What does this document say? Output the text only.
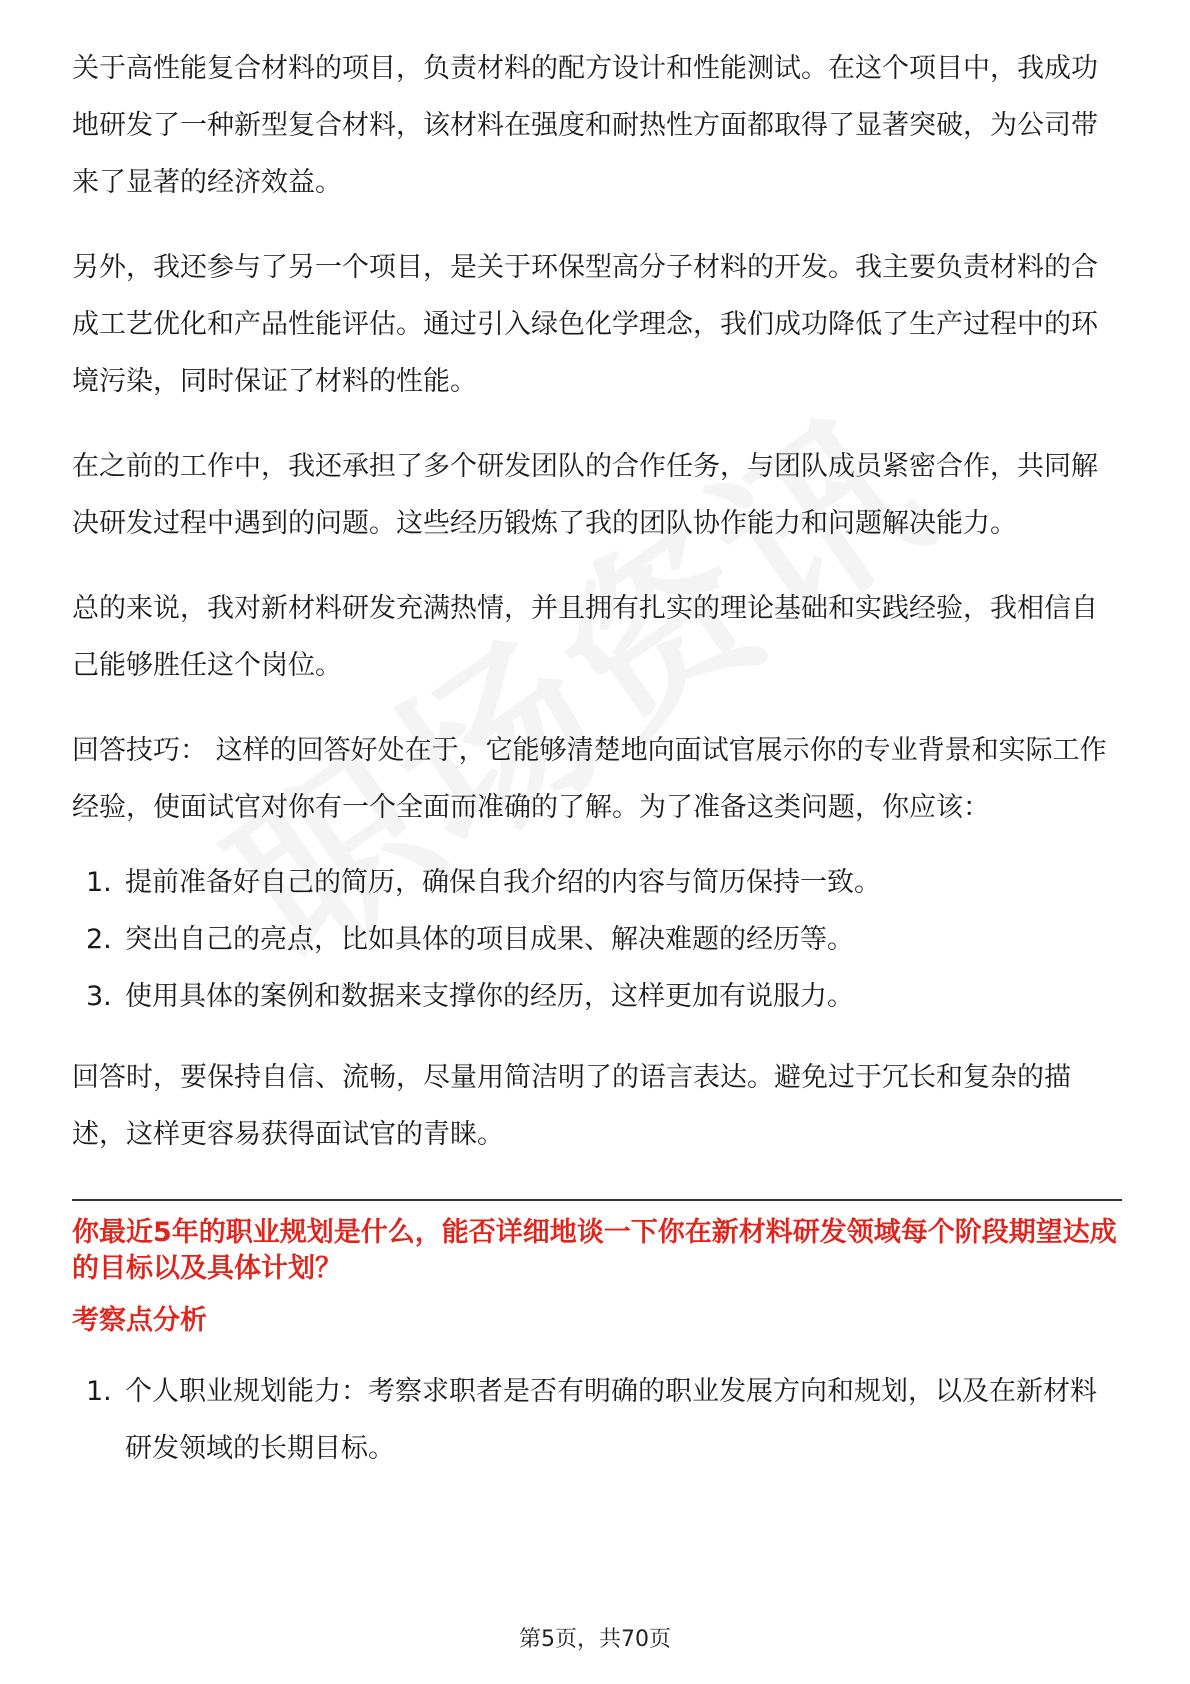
关于高性能复合材料的项目，负责材料的配方设计和性能测试。在这个项目中，我成功地研发了一种新型复合材料，该材料在强度和耐热性方面都取得了显著突破，为公司带来了显著的经济效益。

另外，我还参与了另一个项目，是关于环保型高分子材料的开发。我主要负责材料的合成工艺优化和产品性能评估。通过引入绿色化学理念，我们成功降低了生产过程中的环境污染，同时保证了材料的性能。

在之前的工作中，我还承担了多个研发团队的合作任务，与团队成员紧密合作，共同解决研发过程中遇到的问题。这些经历锻炼了我的团队协作能力和问题解决能力。

总的来说，我对新材料研发充满热情，并且拥有扎实的理论基础和实践经验，我相信自己能够胜任这个岗位。

回答技巧： 这样的回答好处在于，它能够清楚地向面试官展示你的专业背景和实际工作经验，使面试官对你有一个全面而准确的了解。为了准备这类问题，你应该：

1. 提前准备好自己的简历，确保自我介绍的内容与简历保持一致。
2. 突出自己的亮点，比如具体的项目成果、解决难题的经历等。
3. 使用具体的案例和数据来支撑你的经历，这样更加有说服力。

回答时，要保持自信、流畅，尽量用简洁明了的语言表达。避免过于冗长和复杂的描述，这样更容易获得面试官的青睐。

你最近5年的职业规划是什么，能否详细地谈一下你在新材料研发领域每个阶段期望达成的目标以及具体计划？

考察点分析

1. 个人职业规划能力：考察求职者是否有明确的职业发展方向和规划，以及在新材料研发领域的长期目标。
第5页，共70页
